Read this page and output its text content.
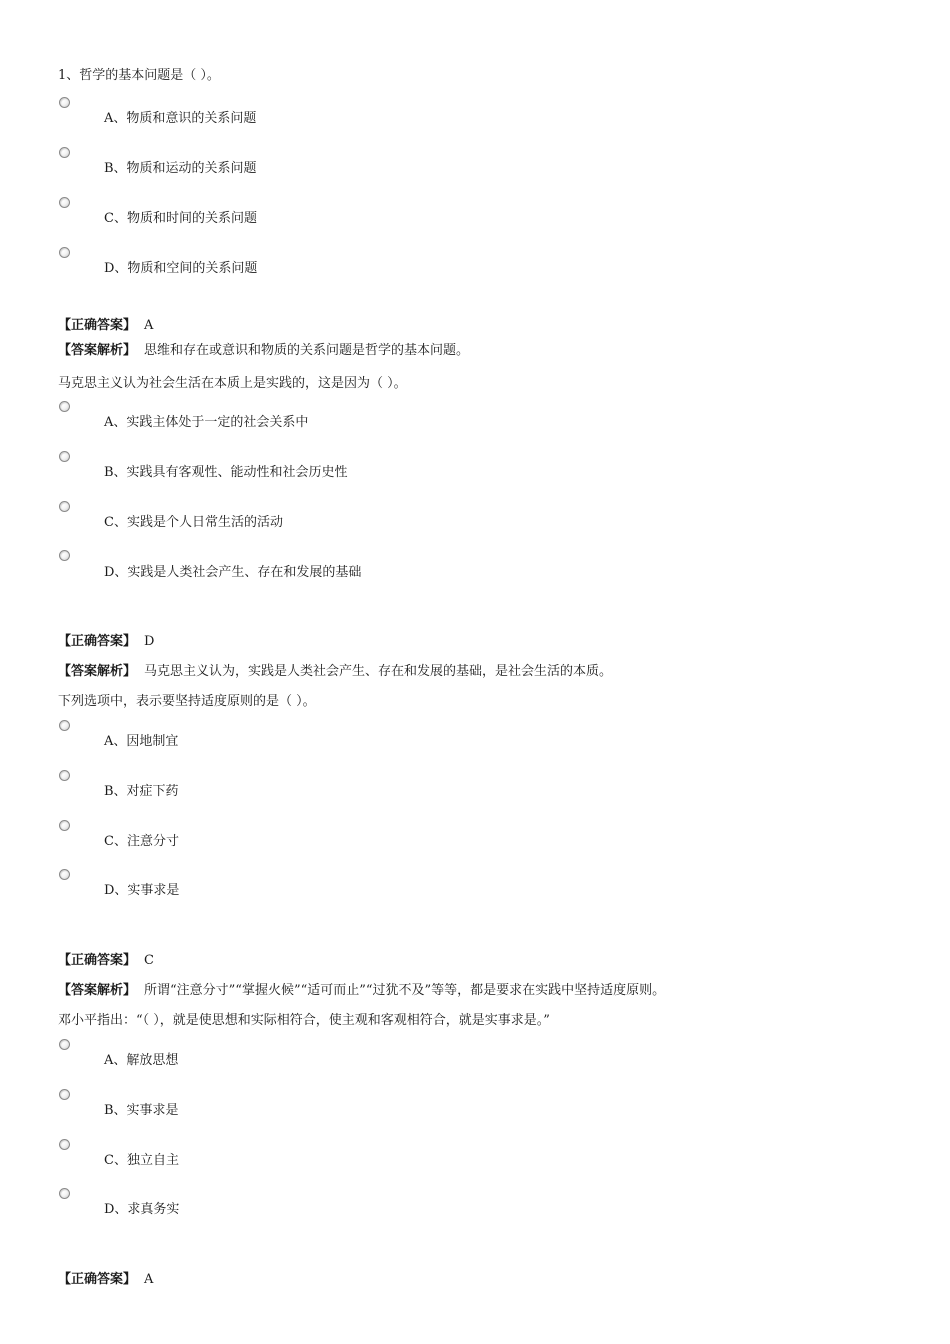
1、哲学的基本问题是（ ）。
A、物质和意识的关系问题
B、物质和运动的关系问题
C、物质和时间的关系问题
D、物质和空间的关系问题
【正确答案】 A
【答案解析】 思维和存在或意识和物质的关系问题是哲学的基本问题。
马克思主义认为社会生活在本质上是实践的，这是因为（ ）。
A、实践主体处于一定的社会关系中
B、实践具有客观性、能动性和社会历史性
C、实践是个人日常生活的活动
D、实践是人类社会产生、存在和发展的基础
【正确答案】 D
【答案解析】 马克思主义认为，实践是人类社会产生、存在和发展的基础，是社会生活的本质。
下列选项中，表示要坚持适度原则的是（ ）。
A、因地制宜
B、对症下药
C、注意分寸
D、实事求是
【正确答案】 C
【答案解析】 所谓“注意分寸”“掌握火候”“适可而止”“过犹不及”等等，都是要求在实践中坚持适度原则。
邓小平指出：“（ ），就是使思想和实际相符合，使主观和客观相符合，就是实事求是。”
A、解放思想
B、实事求是
C、独立自主
D、求真务实
【正确答案】 A
